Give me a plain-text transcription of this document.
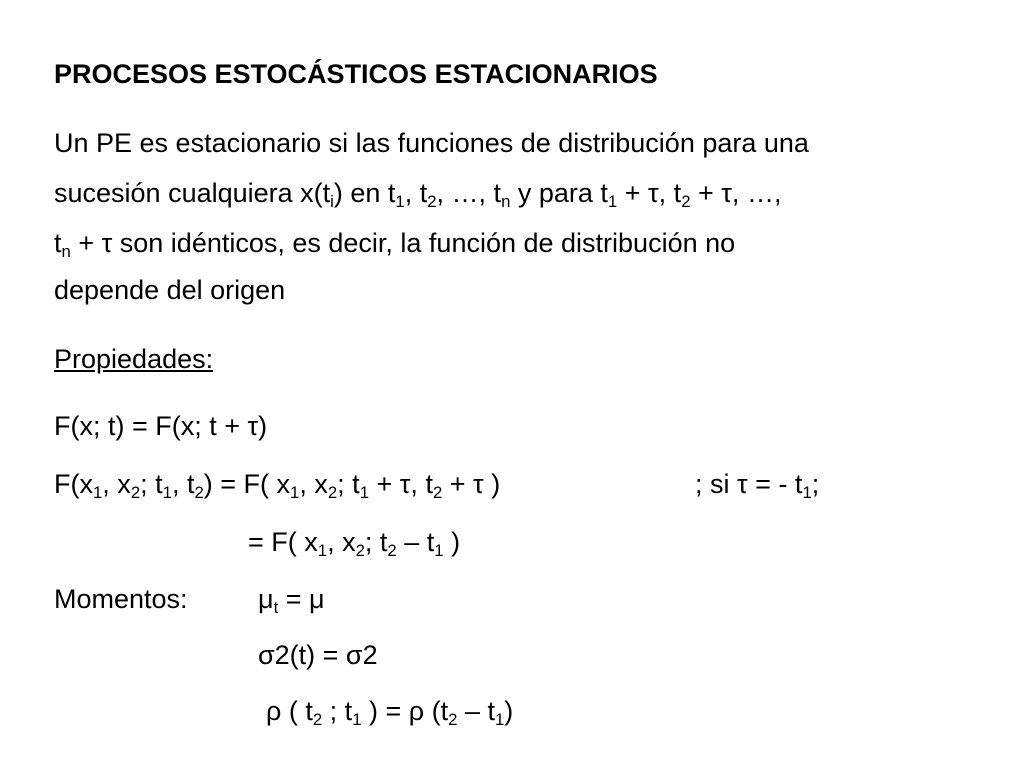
PROCESOS ESTOCÁSTICOS ESTACIONARIOS
Un PE es estacionario si las funciones de distribución para una
sucesión cualquiera $x(t_i)$ en $t_1$, $t_2$, …, $t_n$ y para $t_1 + \tau$, $t_2 + \tau$, …,
$t_n + \tau$ son idénticos, es decir, la función de distribución no
depende del origen
Propiedades:
F(x; t) = F(x; t + τ)
$F(x_1$, $x_2$; $t_1$, $t_2) = F$( $x_1$, $x_2$; $t_1 + \tau$, $t_2 + \tau$ )	; si τ = - $t_1$;
= F( $x_1$, $x_2$; $t_2 - t_1$ )
Momentos:	$\mu_t = \mu$
σ2(t) = σ2
ρ ( $t_2$ ; $t_1$ ) = ρ $(t_2 - t_1)$
